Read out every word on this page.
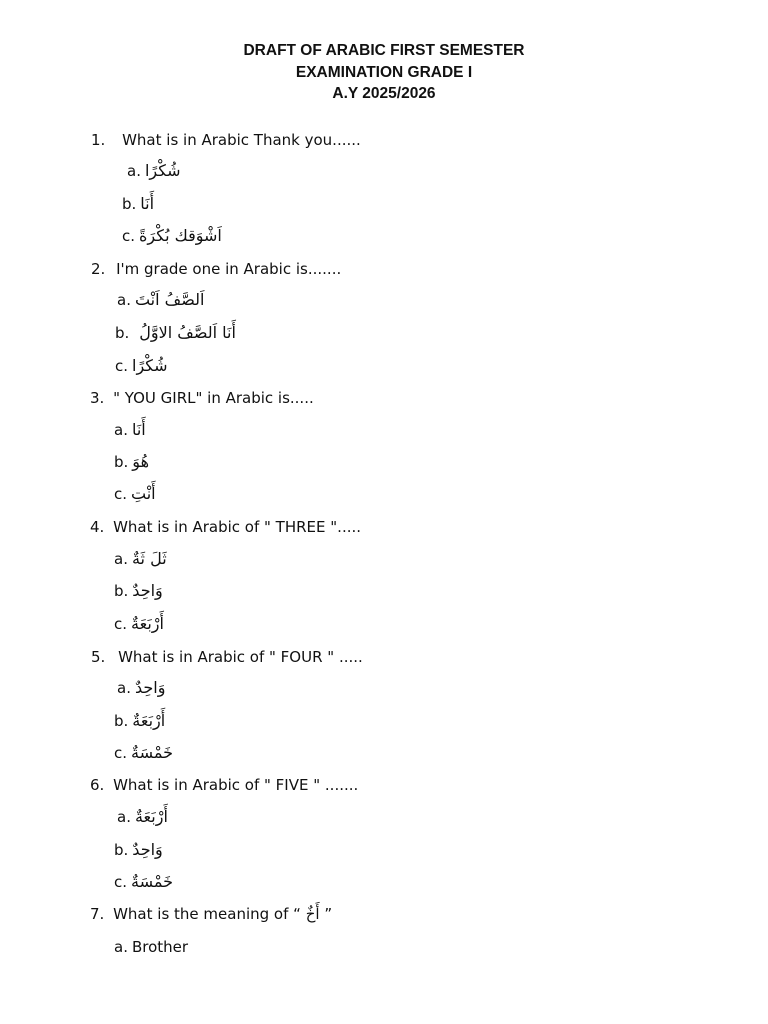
DRAFT OF ARABIC FIRST SEMESTER
EXAMINATION GRADE I
A.Y 2025/2026
1. What is in Arabic Thank you......
a. شُكْرًا
b. أَنَا
c. اَشْوَقك بُكْرَةً
2. I'm grade one in Arabic is.......
a. اَلصَّفُ اَنْتَ
b. أَنَا اَلصَّفُ الاوَّلُ
c. شُكْرًا
3. " YOU GIRL" in Arabic is.....
a. أَنَا
b. هُوَ
c. أَنْتِ
4. What is in Arabic of " THREE ".....
a. ثَلَ ثَةٌ
b. وَاحِدٌ
c. أَرْبَعَةٌ
5. What is in Arabic of " FOUR " .....
a. وَاحِدٌ
b. أَرْبَعَةٌ
c. خَمْسَةٌ
6. What is in Arabic of " FIVE " .......
a. أَرْبَعَةٌ
b. وَاحِدٌ
c. خَمْسَةٌ
7. What is the meaning of “ أَخٌ ”
a. Brother
